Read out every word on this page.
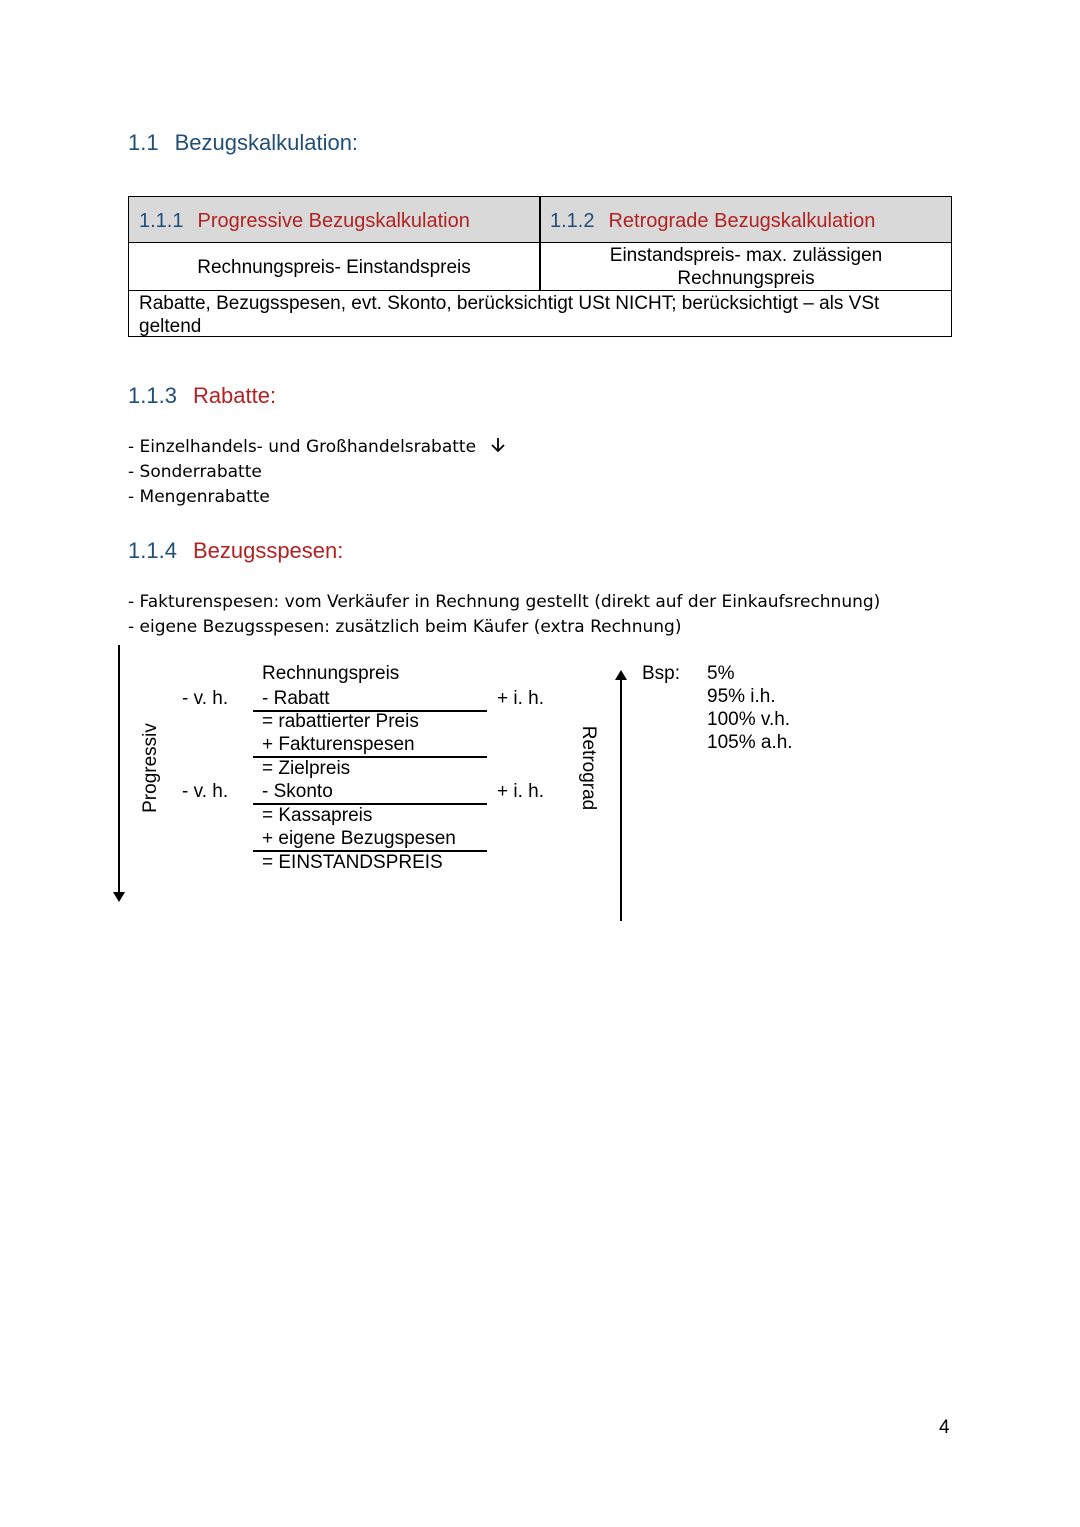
1.1 Bezugskalkulation:
1.1.1 Progressive Bezugskalkulation	1.1.2 Retrograde Bezugskalkulation
Rechnungspreis- Einstandspreis
Einstandspreis- max. zulässigen
Rechnungspreis
Rabatte, Bezugsspesen, evt. Skonto, berücksichtigt USt NICHT; berücksichtigt – als VSt geltend
1.1.3 Rabatte:
- Einzelhandels- und Großhandelsrabatte
- Sonderrabatte
- Mengenrabatte
1.1.4 Bezugsspesen:
- Fakturenspesen: vom Verkäufer in Rechnung gestellt (direkt auf der Einkaufsrechnung)
- eigene Bezugsspesen: zusätzlich beim Käufer (extra Rechnung)
Progressiv	Retrograd
- v. h.
- v. h.
+ i. h.
+ i. h.
Rechnungspreis
- Rabatt
= rabattierter Preis
+ Fakturenspesen
= Zielpreis
- Skonto
= Kassapreis
+ eigene Bezugspesen
= EINSTANDSPREIS
Bsp: 5%
95% i.h.
100% v.h.
105% a.h.
4
